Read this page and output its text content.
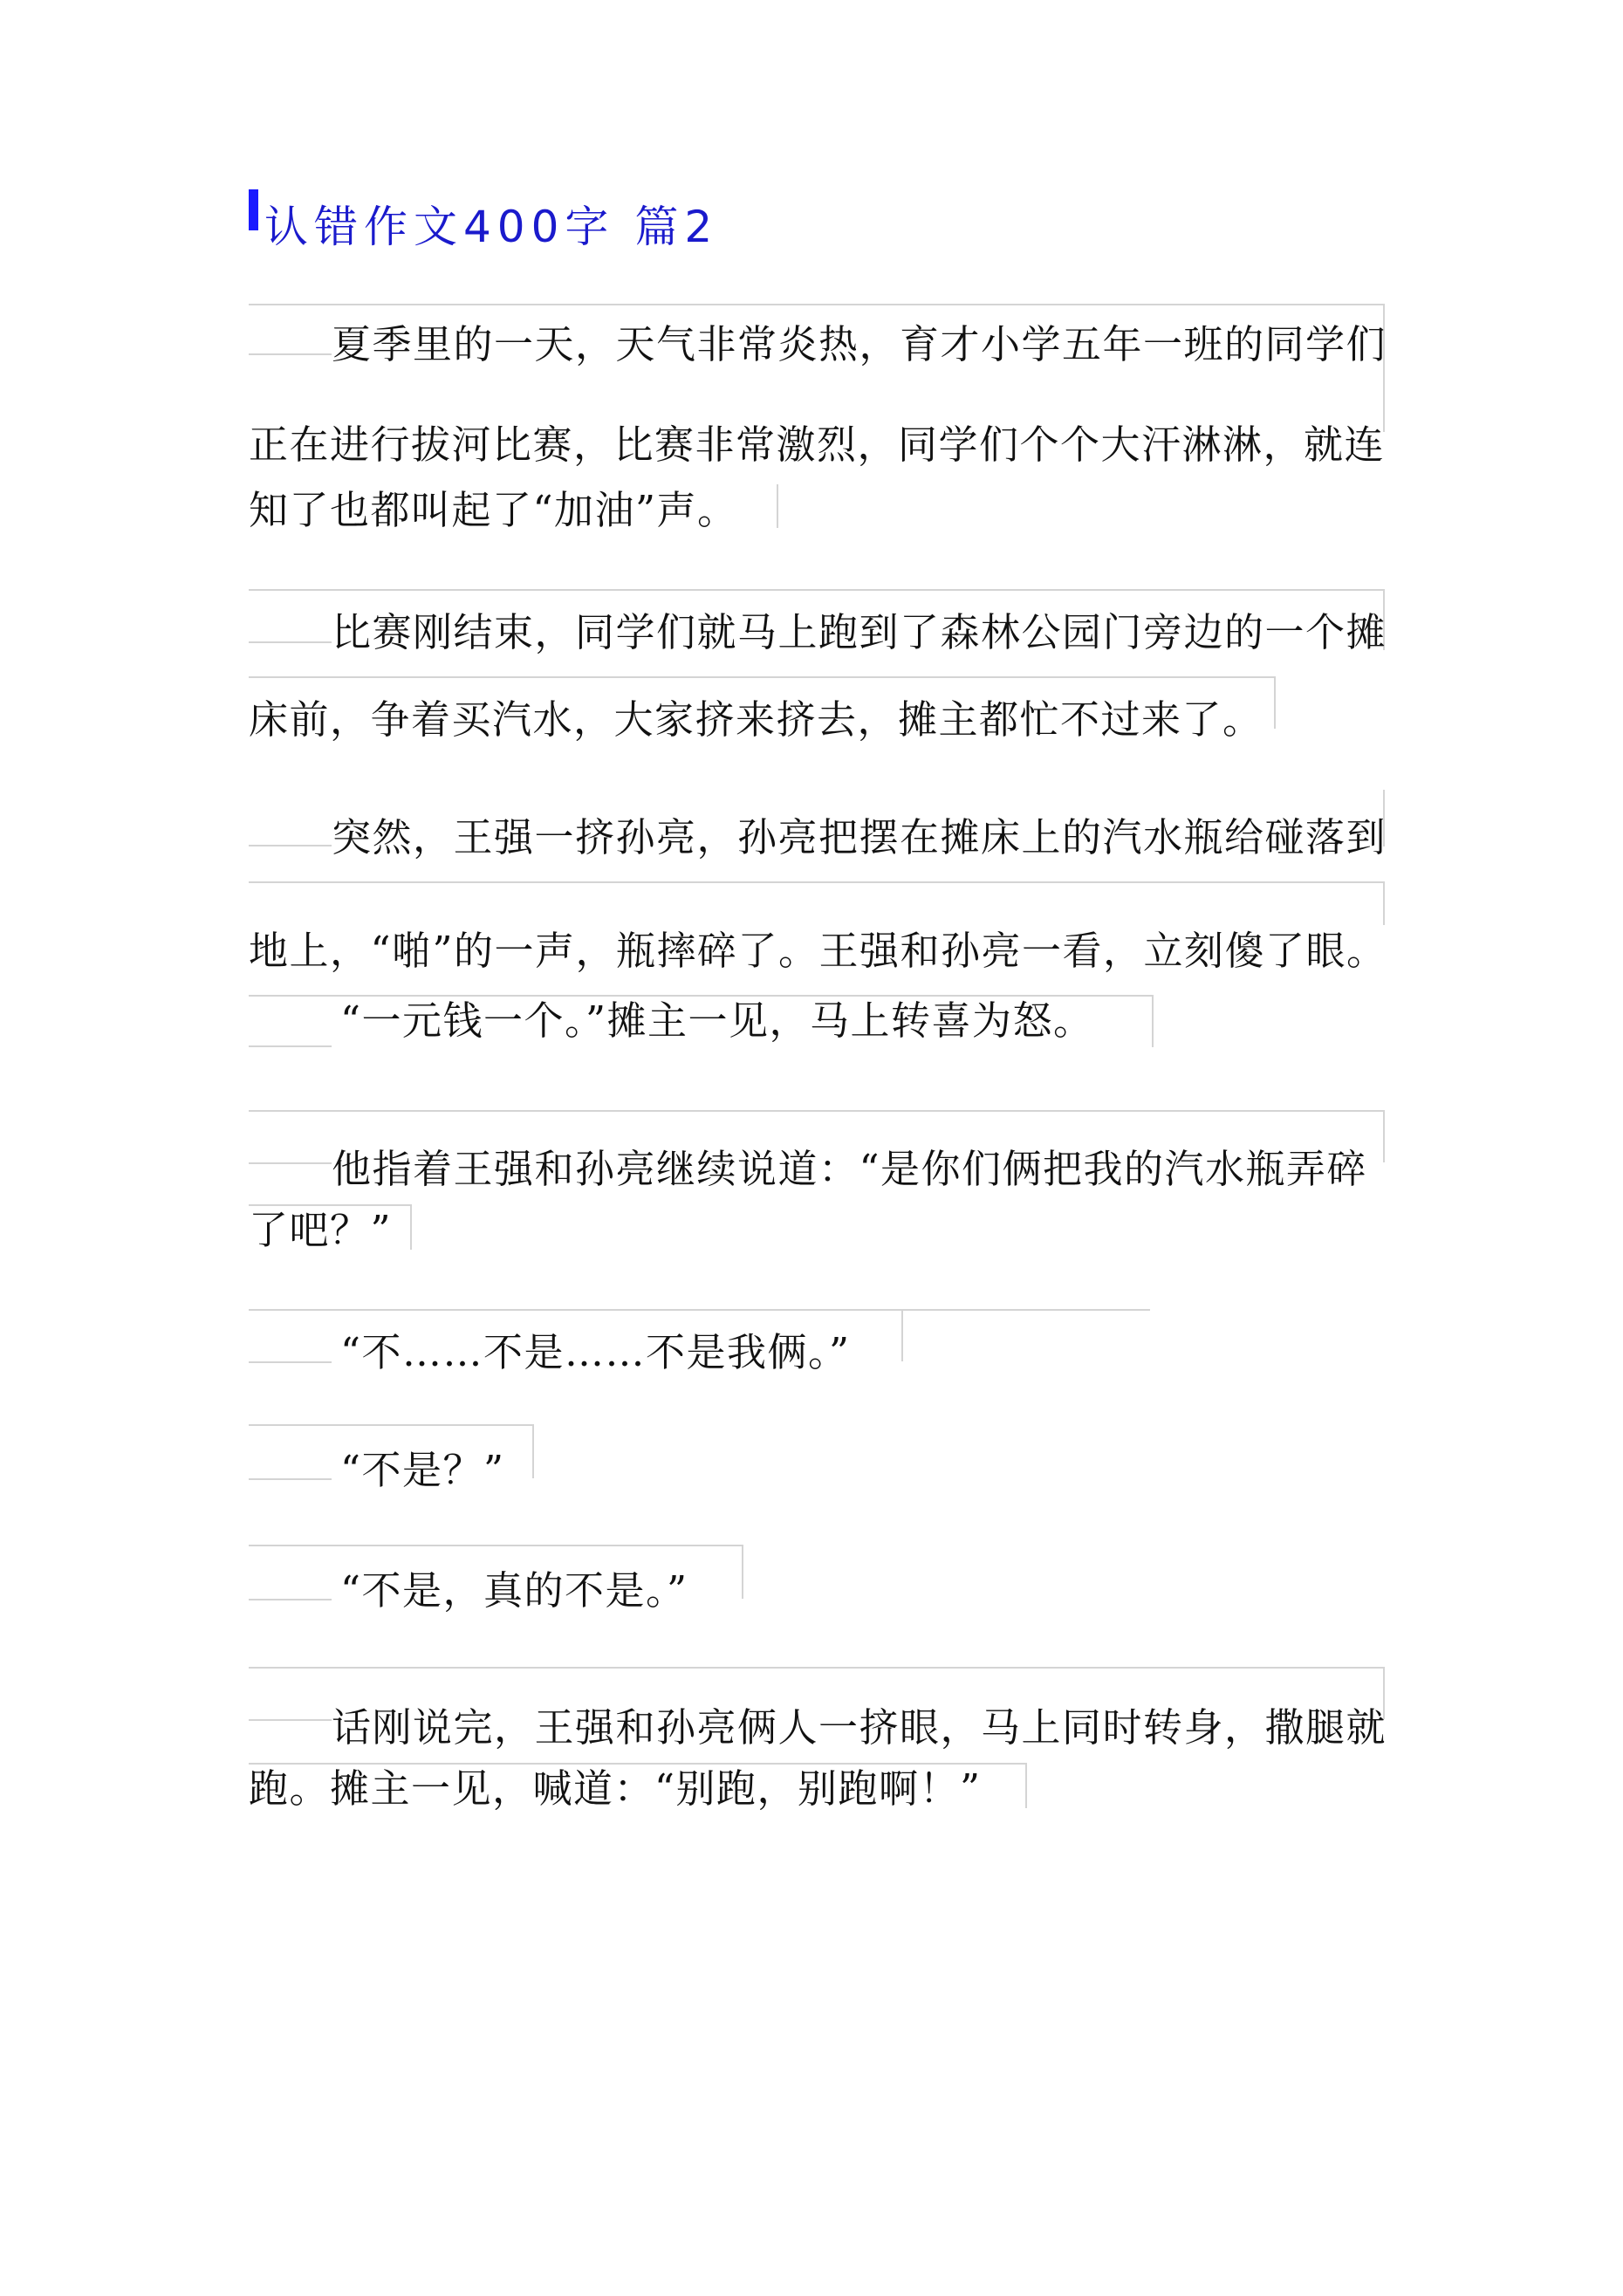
认错作文400字 篇2
夏季里的一天，天气非常炎热，育才小学五年一班的同学们
正在进行拔河比赛，比赛非常激烈，同学们个个大汗淋淋，就连
知了也都叫起了“加油”声。
比赛刚结束，同学们就马上跑到了森林公园门旁边的一个摊
床前，争着买汽水，大家挤来挤去，摊主都忙不过来了。
突然，王强一挤孙亮，孙亮把摆在摊床上的汽水瓶给碰落到
地上，“啪”的一声，瓶摔碎了。王强和孙亮一看，立刻傻了眼。
“一元钱一个。”摊主一见，马上转喜为怒。
他指着王强和孙亮继续说道：“是你们俩把我的汽水瓶弄碎
了吧？”
“不……不是……不是我俩。”
“不是？”
“不是，真的不是。”
话刚说完，王强和孙亮俩人一挤眼，马上同时转身，撒腿就
跑。摊主一见，喊道：“别跑，别跑啊！”
